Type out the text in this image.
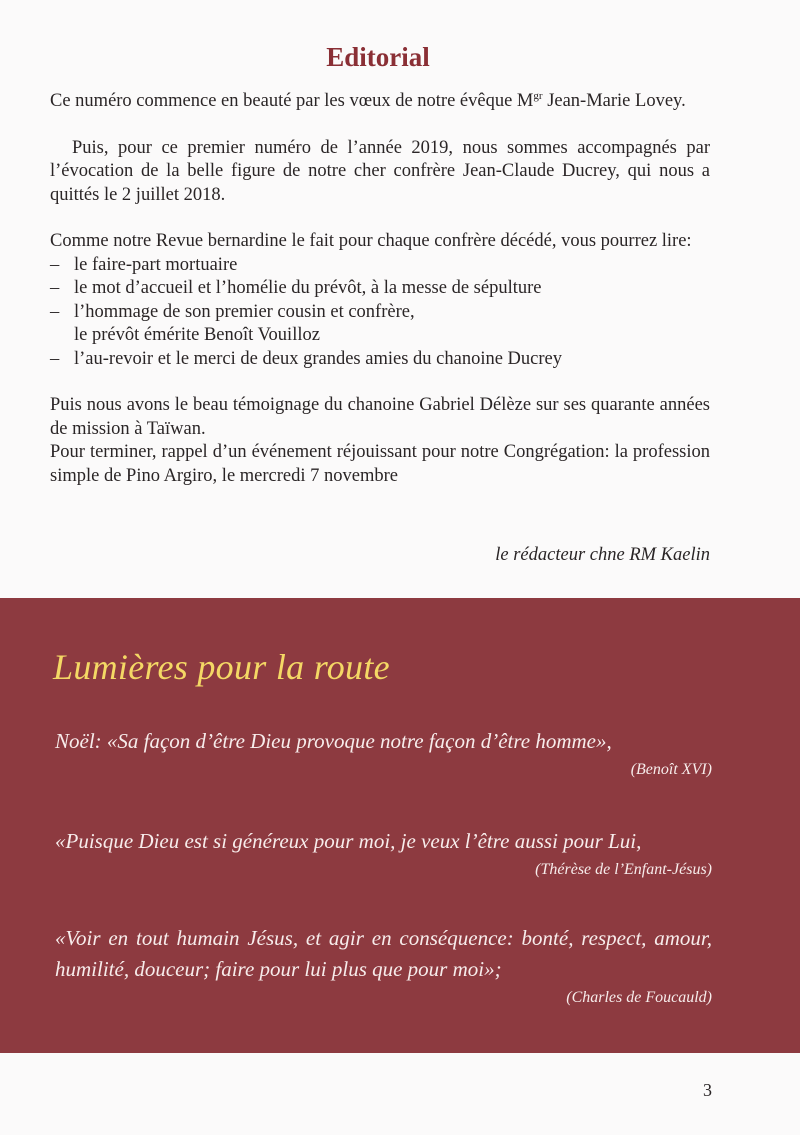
Editorial

Ce numéro commence en beauté par les vœux de notre évêque $M^{gr}$ Jean-Marie Lovey.

Puis, pour ce premier numéro de l’année 2019, nous sommes accompagnés par l’évocation de la belle figure de notre cher confrère Jean-Claude Ducrey, qui nous a quittés le 2 juillet 2018.

Comme notre Revue bernardine le fait pour chaque confrère décédé, vous pourrez lire:

– le faire-part mortuaire
– le mot d’accueil et l’homélie du prévôt, à la messe de sépulture
– l’hommage de son premier cousin et confrère,
le prévôt émérite Benoît Vouilloz
– l’au-revoir et le merci de deux grandes amies du chanoine Ducrey

Puis nous avons le beau témoignage du chanoine Gabriel Délèze sur ses quarante années de mission à Taïwan.

Pour terminer, rappel d’un événement réjouissant pour notre Congrégation: la profession simple de Pino Argiro, le mercredi 7 novembre

le rédacteur chne RM Kaelin
Lumières pour la route

Noël: «Sa façon d’être Dieu provoque notre façon d’être homme»,

(Benoît XVI)

«Puisque Dieu est si généreux pour moi, je veux l’être aussi pour Lui,

(Thérèse de l’Enfant-Jésus)

«Voir en tout humain Jésus, et agir en conséquence: bonté, respect, amour, humilité, douceur; faire pour lui plus que pour moi»;

(Charles de Foucauld)
3
